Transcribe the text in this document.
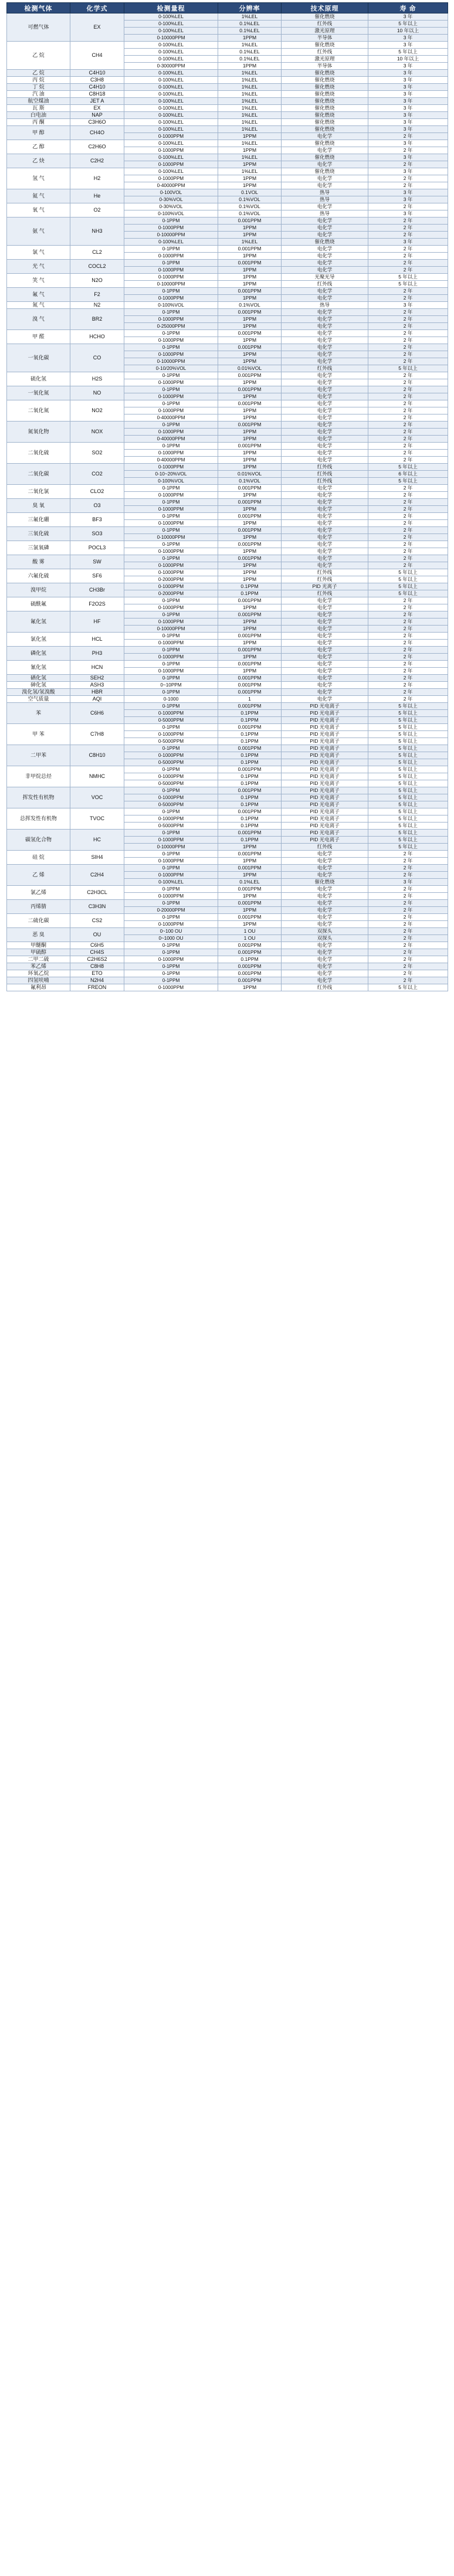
检测气体	化学式	检测量程	分辨率	技术原理	寿 命
可燃气体	EX	0-100%LEL	1%LEL	催化燃烧	3 年
		0-100%LEL	0.1%LEL	红外线	5 年以上
		0-100%LEL	0.1%LEL	激光原理	10 年以上
		0-10000PPM	1PPM	半导体	3 年
乙 烷	CH4	0-100%LEL	1%LEL	催化燃烧	3 年
		0-100%LEL	0.1%LEL	红外线	5 年以上
		0-100%LEL	0.1%LEL	激光原理	10 年以上
		0-30000PPM	1PPM	半导体	3 年
乙 烷	C4H10	0-100%LEL	1%LEL	催化燃烧	3 年
丙 烷	C3H8	0-100%LEL	1%LEL	催化燃烧	3 年
丁 烷	C4H10	0-100%LEL	1%LEL	催化燃烧	3 年
汽 油	C8H18	0-100%LEL	1%LEL	催化燃烧	3 年
航空煤油	JET A	0-100%LEL	1%LEL	催化燃烧	3 年
瓦 斯	EX	0-100%LEL	1%LEL	催化燃烧	3 年
白电油	NAP	0-100%LEL	1%LEL	催化燃烧	3 年
丙 酮	C3H6O	0-100%LEL	1%LEL	催化燃烧	3 年
甲 醇	CH4O	0-100%LEL	1%LEL	催化燃烧	3 年
		0-1000PPM	1PPM	电化学	2 年
乙 醇	C2H6O	0-100%LEL	1%LEL	催化燃烧	3 年
		0-1000PPM	1PPM	电化学	2 年
乙 炔	C2H2	0-100%LEL	1%LEL	催化燃烧	3 年
		0-1000PPM	1PPM	电化学	2 年
氢 气	H2	0-100%LEL	1%LEL	催化燃烧	3 年
		0-1000PPM	1PPM	电化学	2 年
		0-40000PPM	1PPM	电化学	2 年
氦 气	He	0-100VOL	0.1VOL	热导	3 年
		0-30%VOL	0.1%VOL	热导	3 年
氧 气	O2	0-30%VOL	0.1%VOL	电化学	2 年
		0-100%VOL	0.1%VOL	热导	3 年
氨 气	NH3	0-1PPM	0.001PPM	电化学	2 年
		0-1000PPM	1PPM	电化学	2 年
		0-10000PPM	1PPM	电化学	2 年
		0-100%LEL	1%LEL	催化燃烧	3 年
氯 气	CL2	0-1PPM	0.001PPM	电化学	2 年
		0-1000PPM	1PPM	电化学	2 年
光 气	COCL2	0-1PPM	0.001PPM	电化学	2 年
		0-1000PPM	1PPM	电化学	2 年
笑 气	N2O	0-1000PPM	1PPM	光聚光导	5 年以上
		0-10000PPM	1PPM	红外线	5 年以上
氟 气	F2	0-1PPM	0.001PPM	电化学	2 年
		0-1000PPM	1PPM	电化学	2 年
氮 气	N2	0-100%VOL	0.1%VOL	热导	3 年
溴 气	BR2	0-1PPM	0.001PPM	电化学	2 年
		0-1000PPM	1PPM	电化学	2 年
		0-25000PPM	1PPM	电化学	2 年
甲 醛	HCHO	0-1PPM	0.001PPM	电化学	2 年
		0-1000PPM	1PPM	电化学	2 年
一氧化碳	CO	0-1PPM	0.001PPM	电化学	2 年
		0-1000PPM	1PPM	电化学	2 年
		0-10000PPM	1PPM	电化学	2 年
		0-10/20%VOL	0.01%VOL	红外线	5 年以上
硫化氢	H2S	0-1PPM	0.001PPM	电化学	2 年
		0-1000PPM	1PPM	电化学	2 年
一氧化氮	NO	0-1PPM	0.001PPM	电化学	2 年
		0-1000PPM	1PPM	电化学	2 年
二氧化氮	NO2	0-1PPM	0.001PPM	电化学	2 年
		0-1000PPM	1PPM	电化学	2 年
		0-40000PPM	1PPM	电化学	2 年
氮氧化物	NOX	0-1PPM	0.001PPM	电化学	2 年
		0-1000PPM	1PPM	电化学	2 年
		0-40000PPM	1PPM	电化学	2 年
二氧化硫	SO2	0-1PPM	0.001PPM	电化学	2 年
		0-1000PPM	1PPM	电化学	2 年
		0-40000PPM	1PPM	电化学	2 年
二氧化碳	CO2	0-1000PPM	1PPM	红外线	5 年以上
		0-10~20%VOL	0.01%VOL	红外线	6 年以上
		0-100%VOL	0.1%VOL	红外线	5 年以上
二氧化氯	CLO2	0-1PPM	0.001PPM	电化学	2 年
		0-1000PPM	1PPM	电化学	2 年
臭 氧	O3	0-1PPM	0.001PPM	电化学	2 年
		0-1000PPM	1PPM	电化学	2 年
三氟化硼	BF3	0-1PPM	0.001PPM	电化学	2 年
		0-1000PPM	1PPM	电化学	2 年
三氧化硫	SO3	0-1PPM	0.001PPM	电化学	2 年
		0-10000PPM	1PPM	电化学	2 年
三氯氧磷	POCL3	0-1PPM	0.001PPM	电化学	2 年
		0-1000PPM	1PPM	电化学	2 年
酸 雾	SW	0-1PPM	0.001PPM	电化学	2 年
		0-1000PPM	1PPM	电化学	2 年
六氟化硫	SF6	0-1000PPM	1PPM	红外线	5 年以上
		0-2000PPM	1PPM	红外线	5 年以上
溴甲烷	CH3Br	0-1000PPM	0.1PPM	PID 光离子	5 年以上
		0-2000PPM	0.1PPM	红外线	5 年以上
硫酰氟	F2O2S	0-1PPM	0.001PPM	电化学	2 年
		0-1000PPM	1PPM	电化学	2 年
氟化氢	HF	0-1PPM	0.001PPM	电化学	2 年
		0-1000PPM	1PPM	电化学	2 年
		0-10000PPM	1PPM	电化学	2 年
氯化氢	HCL	0-1PPM	0.001PPM	电化学	2 年
		0-1000PPM	1PPM	电化学	2 年
磷化氢	PH3	0-1PPM	0.001PPM	电化学	2 年
		0-1000PPM	1PPM	电化学	2 年
氰化氢	HCN	0-1PPM	0.001PPM	电化学	2 年
		0-1000PPM	1PPM	电化学	2 年
硒化氢	SEH2	0-1PPM	0.001PPM	电化学	2 年
砷化氢	ASH3	0~10PPM	0.001PPM	电化学	2 年
溴化氢/氢溴酸	HBR	0-1PPM	0.001PPM	电化学	2 年
空气质量	AQI	0-1000	1	电化学	2 年
苯	C6H6	0-1PPM	0.001PPM	PID 光电离子	5 年以上
		0-1000PPM	0.1PPM	PID 光电离子	5 年以上
		0-5000PPM	0.1PPM	PID 光电离子	5 年以上
甲 苯	C7H8	0-1PPM	0.001PPM	PID 光电离子	5 年以上
		0-1000PPM	0.1PPM	PID 光电离子	5 年以上
		0-5000PPM	0.1PPM	PID 光电离子	5 年以上
二甲苯	C8H10	0-1PPM	0.001PPM	PID 光电离子	5 年以上
		0-1000PPM	0.1PPM	PID 光电离子	5 年以上
		0-5000PPM	0.1PPM	PID 光电离子	5 年以上
非甲烷总烃	NMHC	0-1PPM	0.001PPM	PID 光电离子	5 年以上
		0-1000PPM	0.1PPM	PID 光电离子	5 年以上
		0-5000PPM	0.1PPM	PID 光电离子	5 年以上
挥发性有机物	VOC	0-1PPM	0.001PPM	PID 光电离子	5 年以上
		0-1000PPM	0.1PPM	PID 光电离子	5 年以上
		0-5000PPM	0.1PPM	PID 光电离子	5 年以上
总挥发性有机物	TVOC	0-1PPM	0.001PPM	PID 光电离子	5 年以上
		0-1000PPM	0.1PPM	PID 光电离子	5 年以上
		0-5000PPM	0.1PPM	PID 光电离子	5 年以上
碳氢化合物	HC	0-1PPM	0.001PPM	PID 光电离子	5 年以上
		0-1000PPM	0.1PPM	PID 光电离子	5 年以上
		0-10000PPM	1PPM	红外线	5 年以上
硅 烷	SIH4	0-1PPM	0.001PPM	电化学	2 年
		0-1000PPM	1PPM	电化学	2 年
乙 烯	C2H4	0-1PPM	0.001PPM	电化学	2 年
		0-1000PPM	1PPM	电化学	2 年
		0-100%LEL	0.1%LEL	催化燃烧	3 年
氯乙烯	C2H3CL	0-1PPM	0.001PPM	电化学	2 年
		0-1000PPM	1PPM	电化学	2 年
丙烯腈	C3H3N	0-1PPM	0.001PPM	电化学	2 年
		0-20000PPM	1PPM	电化学	2 年
二硫化碳	CS2	0-1PPM	0.001PPM	电化学	2 年
		0-1000PPM	1PPM	电化学	2 年
恶 臭	OU	0~100 OU	1 OU	双探头	2 年
		0~1000 OU	1 OU	双探头	2 年
甲醚酮	C6H5	0-1PPM	0.001PPM	电化学	2 年
甲硫醇	CH4S	0-1PPM	0.001PPM	电化学	2 年
二甲二硫	C2H6S2	0-1000PPM	0.1PPM	电化学	2 年
苯乙烯	C8H8	0-1PPM	0.001PPM	电化学	2 年
环氧乙烷	ETO	0-1PPM	0.001PPM	电化学	2 年
四氢呋喃	N2H4	0-1PPM	0.001PPM	电化学	2 年
氟利昂	FREON	0-1000PPM	1PPM	红外线	5 年以上
